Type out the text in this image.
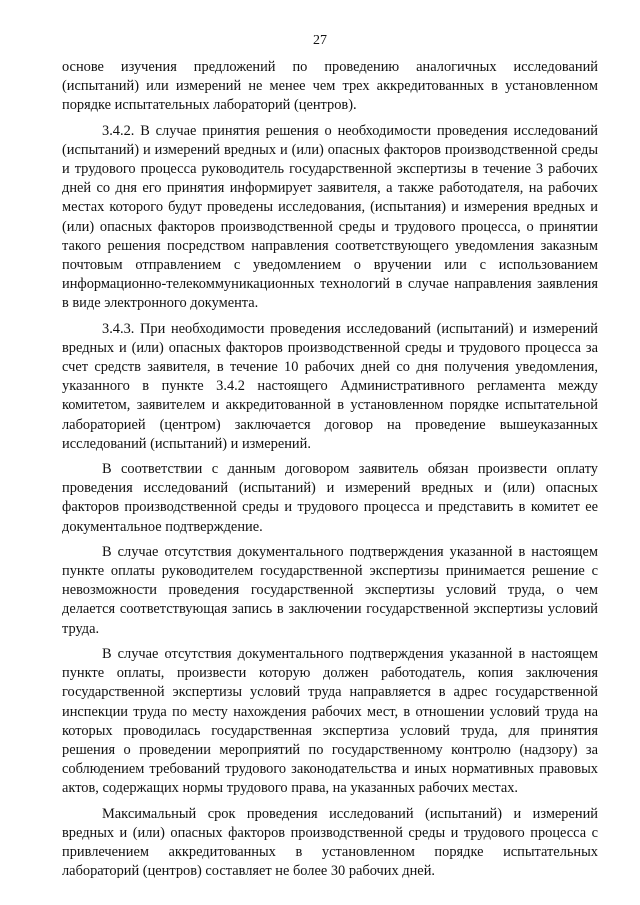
27

основе изучения предложений по проведению аналогичных исследований (испытаний) или измерений не менее чем трех аккредитованных в установленном порядке испытательных лабораторий (центров).

3.4.2. В случае принятия решения о необходимости проведения исследований (испытаний) и измерений вредных и (или) опасных факторов производственной среды и трудового процесса руководитель государственной экспертизы в течение 3 рабочих дней со дня его принятия информирует заявителя, а также работодателя, на рабочих местах которого будут проведены исследования, (испытания) и измерения вредных и (или) опасных факторов производственной среды и трудового процесса, о принятии такого решения посредством направления соответствующего уведомления заказным почтовым отправлением с уведомлением о вручении или с использованием информационно-телекоммуникационных технологий в случае направления заявления в виде электронного документа.

3.4.3. При необходимости проведения исследований (испытаний) и измерений вредных и (или) опасных факторов производственной среды и трудового процесса за счет средств заявителя, в течение 10 рабочих дней со дня получения уведомления, указанного в пункте 3.4.2 настоящего Административного регламента между комитетом, заявителем и аккредитованной в установленном порядке испытательной лабораторией (центром) заключается договор на проведение вышеуказанных исследований (испытаний) и измерений.

В соответствии с данным договором заявитель обязан произвести оплату проведения исследований (испытаний) и измерений вредных и (или) опасных факторов производственной среды и трудового процесса и представить в комитет ее документальное подтверждение.

В случае отсутствия документального подтверждения указанной в настоящем пункте оплаты руководителем государственной экспертизы принимается решение с невозможности проведения государственной экспертизы условий труда, о чем делается соответствующая запись в заключении государственной экспертизы условий труда.

В случае отсутствия документального подтверждения указанной в настоящем пункте оплаты, произвести которую должен работодатель, копия заключения государственной экспертизы условий труда направляется в адрес государственной инспекции труда по месту нахождения рабочих мест, в отношении условий труда на которых проводилась государственная экспертиза условий труда, для принятия решения о проведении мероприятий по государственному контролю (надзору) за соблюдением требований трудового законодательства и иных нормативных правовых актов, содержащих нормы трудового права, на указанных рабочих местах.

Максимальный срок проведения исследований (испытаний) и измерений вредных и (или) опасных факторов производственной среды и трудового процесса с привлечением аккредитованных в установленном порядке испытательных лабораторий (центров) составляет не более 30 рабочих дней.
